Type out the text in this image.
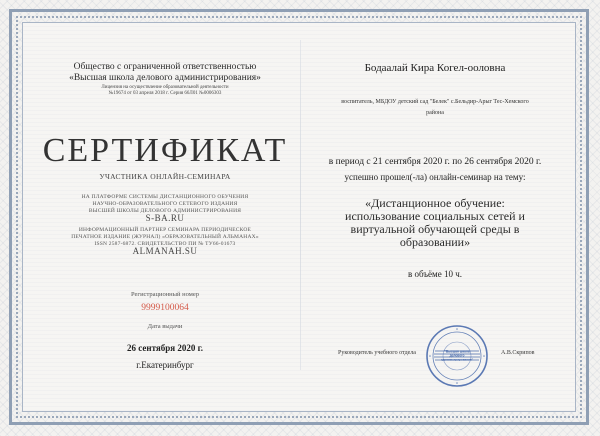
Общество с ограниченной ответственностью
«Высшая школа делового администрирования»
Лицензия на осуществление образовательной деятельности
№19674 от 03 апреля 2018 г. Серия 66Л01 №0006303
СЕРТИФИКАТ
УЧАСТНИКА ОНЛАЙН-СЕМИНАРА
НА ПЛАТФОРМЕ СИСТЕМЫ ДИСТАНЦИОННОГО ОБУЧЕНИЯ
НАУЧНО-ОБРАЗОВАТЕЛЬНОГО СЕТЕВОГО ИЗДАНИЯ
ВЫСШЕЙ ШКОЛЫ ДЕЛОВОГО АДМИНИСТРИРОВАНИЯ
S-BA.RU
ИНФОРМАЦИОННЫЙ ПАРТНЕР СЕМИНАРА ПЕРИОДИЧЕСКОЕ
ПЕЧАТНОЕ ИЗДАНИЕ (ЖУРНАЛ) «ОБРАЗОВАТЕЛЬНЫЙ АЛЬМАНАХ»
ISSN 2587-6872. СВИДЕТЕЛЬСТВО ПИ № ТУ66-01673
ALMANAH.SU
Регистрационный номер
9999100064
Дата выдачи
26 сентября 2020 г.
г.Екатеринбург
Бодаалай Кира Когел-ооловна
воспитатель, МБДОУ детский сад "Белек" с.Бельдир-Арыг Тес-Хемского
района
в период с 21 сентября 2020 г. по 26 сентября 2020 г.
успешно прошел(-ла) онлайн-семинар на тему:
«Дистанционное обучение:
использование социальных сетей и
виртуальной обучающей среды в
образовании»
в объёме 10 ч.
Руководитель учебного отдела	А.В.Скрипов
"Высшая школа
делового
администрирования"
